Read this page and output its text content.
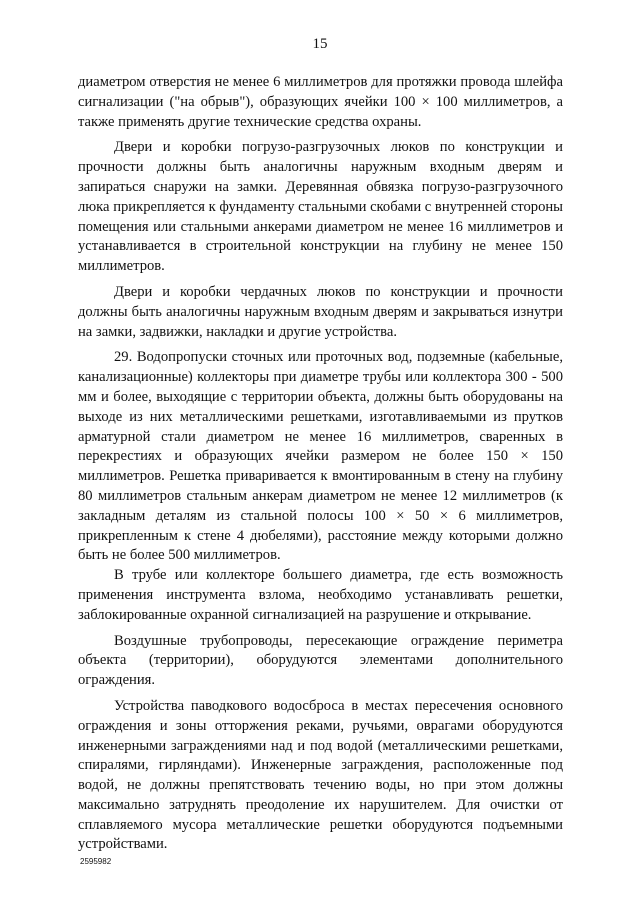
15

диаметром отверстия не менее 6 миллиметров для протяжки провода шлейфа сигнализации ("на обрыв"), образующих ячейки 100 × 100 миллиметров, а также применять другие технические средства охраны.

Двери и коробки погрузо-разгрузочных люков по конструкции и прочности должны быть аналогичны наружным входным дверям и запираться снаружи на замки. Деревянная обвязка погрузо-разгрузочного люка прикрепляется к фундаменту стальными скобами с внутренней стороны помещения или стальными анкерами диаметром не менее 16 миллиметров и устанавливается в строительной конструкции на глубину не менее 150 миллиметров.

Двери и коробки чердачных люков по конструкции и прочности должны быть аналогичны наружным входным дверям и закрываться изнутри на замки, задвижки, накладки и другие устройства.

29. Водопропуски сточных или проточных вод, подземные (кабельные, канализационные) коллекторы при диаметре трубы или коллектора 300 - 500 мм и более, выходящие с территории объекта, должны быть оборудованы на выходе из них металлическими решетками, изготавливаемыми из прутков арматурной стали диаметром не менее 16 миллиметров, сваренных в перекрестиях и образующих ячейки размером не более 150 × 150 миллиметров. Решетка приваривается к вмонтированным в стену на глубину 80 миллиметров стальным анкерам диаметром не менее 12 миллиметров (к закладным деталям из стальной полосы 100 × 50 × 6 миллиметров, прикрепленным к стене 4 дюбелями), расстояние между которыми должно быть не более 500 миллиметров.

В трубе или коллекторе большего диаметра, где есть возможность применения инструмента взлома, необходимо устанавливать решетки, заблокированные охранной сигнализацией на разрушение и открывание.

Воздушные трубопроводы, пересекающие ограждение периметра объекта (территории), оборудуются элементами дополнительного ограждения.

Устройства паводкового водосброса в местах пересечения основного ограждения и зоны отторжения реками, ручьями, оврагами оборудуются инженерными заграждениями над и под водой (металлическими решетками, спиралями, гирляндами). Инженерные заграждения, расположенные под водой, не должны препятствовать течению воды, но при этом должны максимально затруднять преодоление их нарушителем. Для очистки от сплавляемого мусора металлические решетки оборудуются подъемными устройствами.

2595982
